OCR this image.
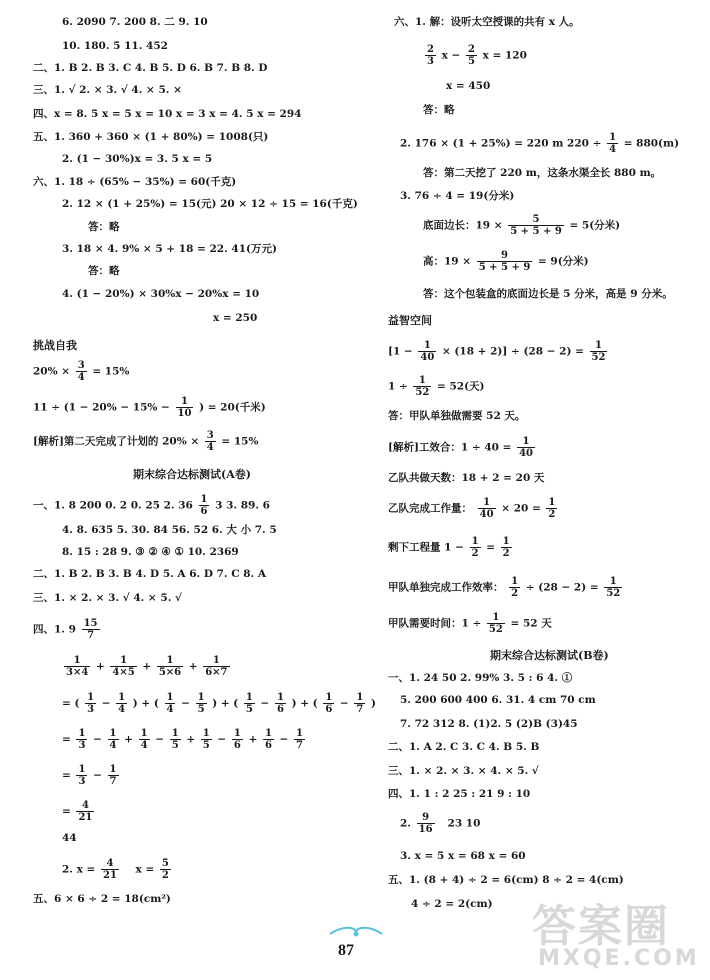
6. 2090 7. 200 8. 二 9. 10
10. 180. 5 11. 452
二、1. B 2. B 3. C 4. B 5. D 6. B 7. B 8. D
三、1. √ 2. × 3. √ 4. × 5. ×
四、x = 8. 5 x = 5 x = 10 x = 3 x = 4. 5 x = 294
五、1. 360 + 360 × (1 + 80%) = 1008(只)
2. (1 − 30%)x = 3. 5 x = 5
六、1. 18 ÷ (65% − 35%) = 60(千克)
2. 12 × (1 + 25%) = 15(元) 20 × 12 ÷ 15 = 16(千克)
答：略
3. 18 × 4. 9% × 5 + 18 = 22. 41(万元)
答：略
4. (1 − 20%) × 30%x − 20%x = 10
x = 250
挑战自我
$20\% \times \frac{3}{4} = 15\%$
$11 \div (1 - 20\% - 15\% - \frac{1}{10}$ ) = 20(千米)
[解析]第二天完成了计划的 $20\% \times \frac{3}{4} = 15\%$
期末综合达标测试(A卷)
一、1. 8 200 0. 2 0. 25 2. $36 \frac{1}{6} 3$ 3. 89. 6
4. 8. 635 5. 30. 84 56. 52 6. 大 小 7. 5
8. 15 : 28 9. ③ ② ④ ① 10. 2369
二、1. B 2. B 3. B 4. D 5. A 6. D 7. C 8. A
三、1. × 2. × 3. √ 4. × 5. √
四、1. $9 \frac{15}{7}$
$\frac{1}{3\times 4} + \frac{1}{4\times 5} + \frac{1}{5\times 6} + \frac{1}{6\times 7}$
= ( $\frac{1}{3} - \frac{1}{4}$ ) + ( $\frac{1}{4} - \frac{1}{5}$ ) + ( $\frac{1}{5} - \frac{1}{6}$ ) + ( $\frac{1}{6} - \frac{1}{7}$ )
= $\frac{1}{3} - \frac{1}{4} + \frac{1}{4} - \frac{1}{5} + \frac{1}{5} - \frac{1}{6} + \frac{1}{6} - \frac{1}{7}$
= $\frac{1}{3} - \frac{1}{7}$
= $\frac{4}{21}$
44
2. $x = \frac{4}{21}$ $x = \frac{5}{2}$
五、6 × 6 ÷ 2 = 18(cm²)
六、1. 解：设听太空授课的共有 x 人。
$\frac{2}{3}$ $x - \frac{2}{5}$ x = 120
x = 450
答：略
2. 176 × (1 + 25%) = 220 m $220 \div \frac{1}{4} = 880(m)$
答：第二天挖了 220 m，这条水渠全长 880 m。
3. 76 ÷ 4 = 19(分米)
底面边长：$19 \times \frac{5}{5 + 5 + 9} = 5$(分米)
高：$19 \times \frac{9}{5 + 5 + 9} = 9$(分米)
答：这个包装盒的底面边长是 5 分米，高是 9 分米。
益智空间
$[1 - \frac{1}{40} \times (18 + 2)] \div (28 - 2) = \frac{1}{52}$
$1 \div \frac{1}{52} = 52$(天)
答：甲队单独做需要 52 天。
[解析]工效合：$1 \div 40 = \frac{1}{40}$
乙队共做天数：18 + 2 = 20 天
乙队完成工作量： $\frac{1}{40} \times 20 = \frac{1}{2}$
剩下工程量 $1 - \frac{1}{2} = \frac{1}{2}$
甲队单独完成工作效率： $\frac{1}{2} \div (28 - 2) = \frac{1}{52}$
甲队需要时间：$1 \div \frac{1}{52} = 52$ 天
期末综合达标测试(B卷)
一、1. 24 50 2. 99% 3. 5 : 6 4. ①
5. 200 600 400 6. 31. 4 cm 70 cm
7. 72 312 8. (1)2. 5 (2)B (3)45
二、1. A 2. C 3. C 4. B 5. B
三、1. × 2. × 3. × 4. × 5. √
四、1. 1 : 2 25 : 21 9 : 10
2. $\frac{9}{16} 23$ 10
3. x = 5 x = 68 x = 60
五、1. (8 + 4) ÷ 2 = 6(cm) 8 ÷ 2 = 4(cm)
4 ÷ 2 = 2(cm)
87	答案圈
MXQE.COM
